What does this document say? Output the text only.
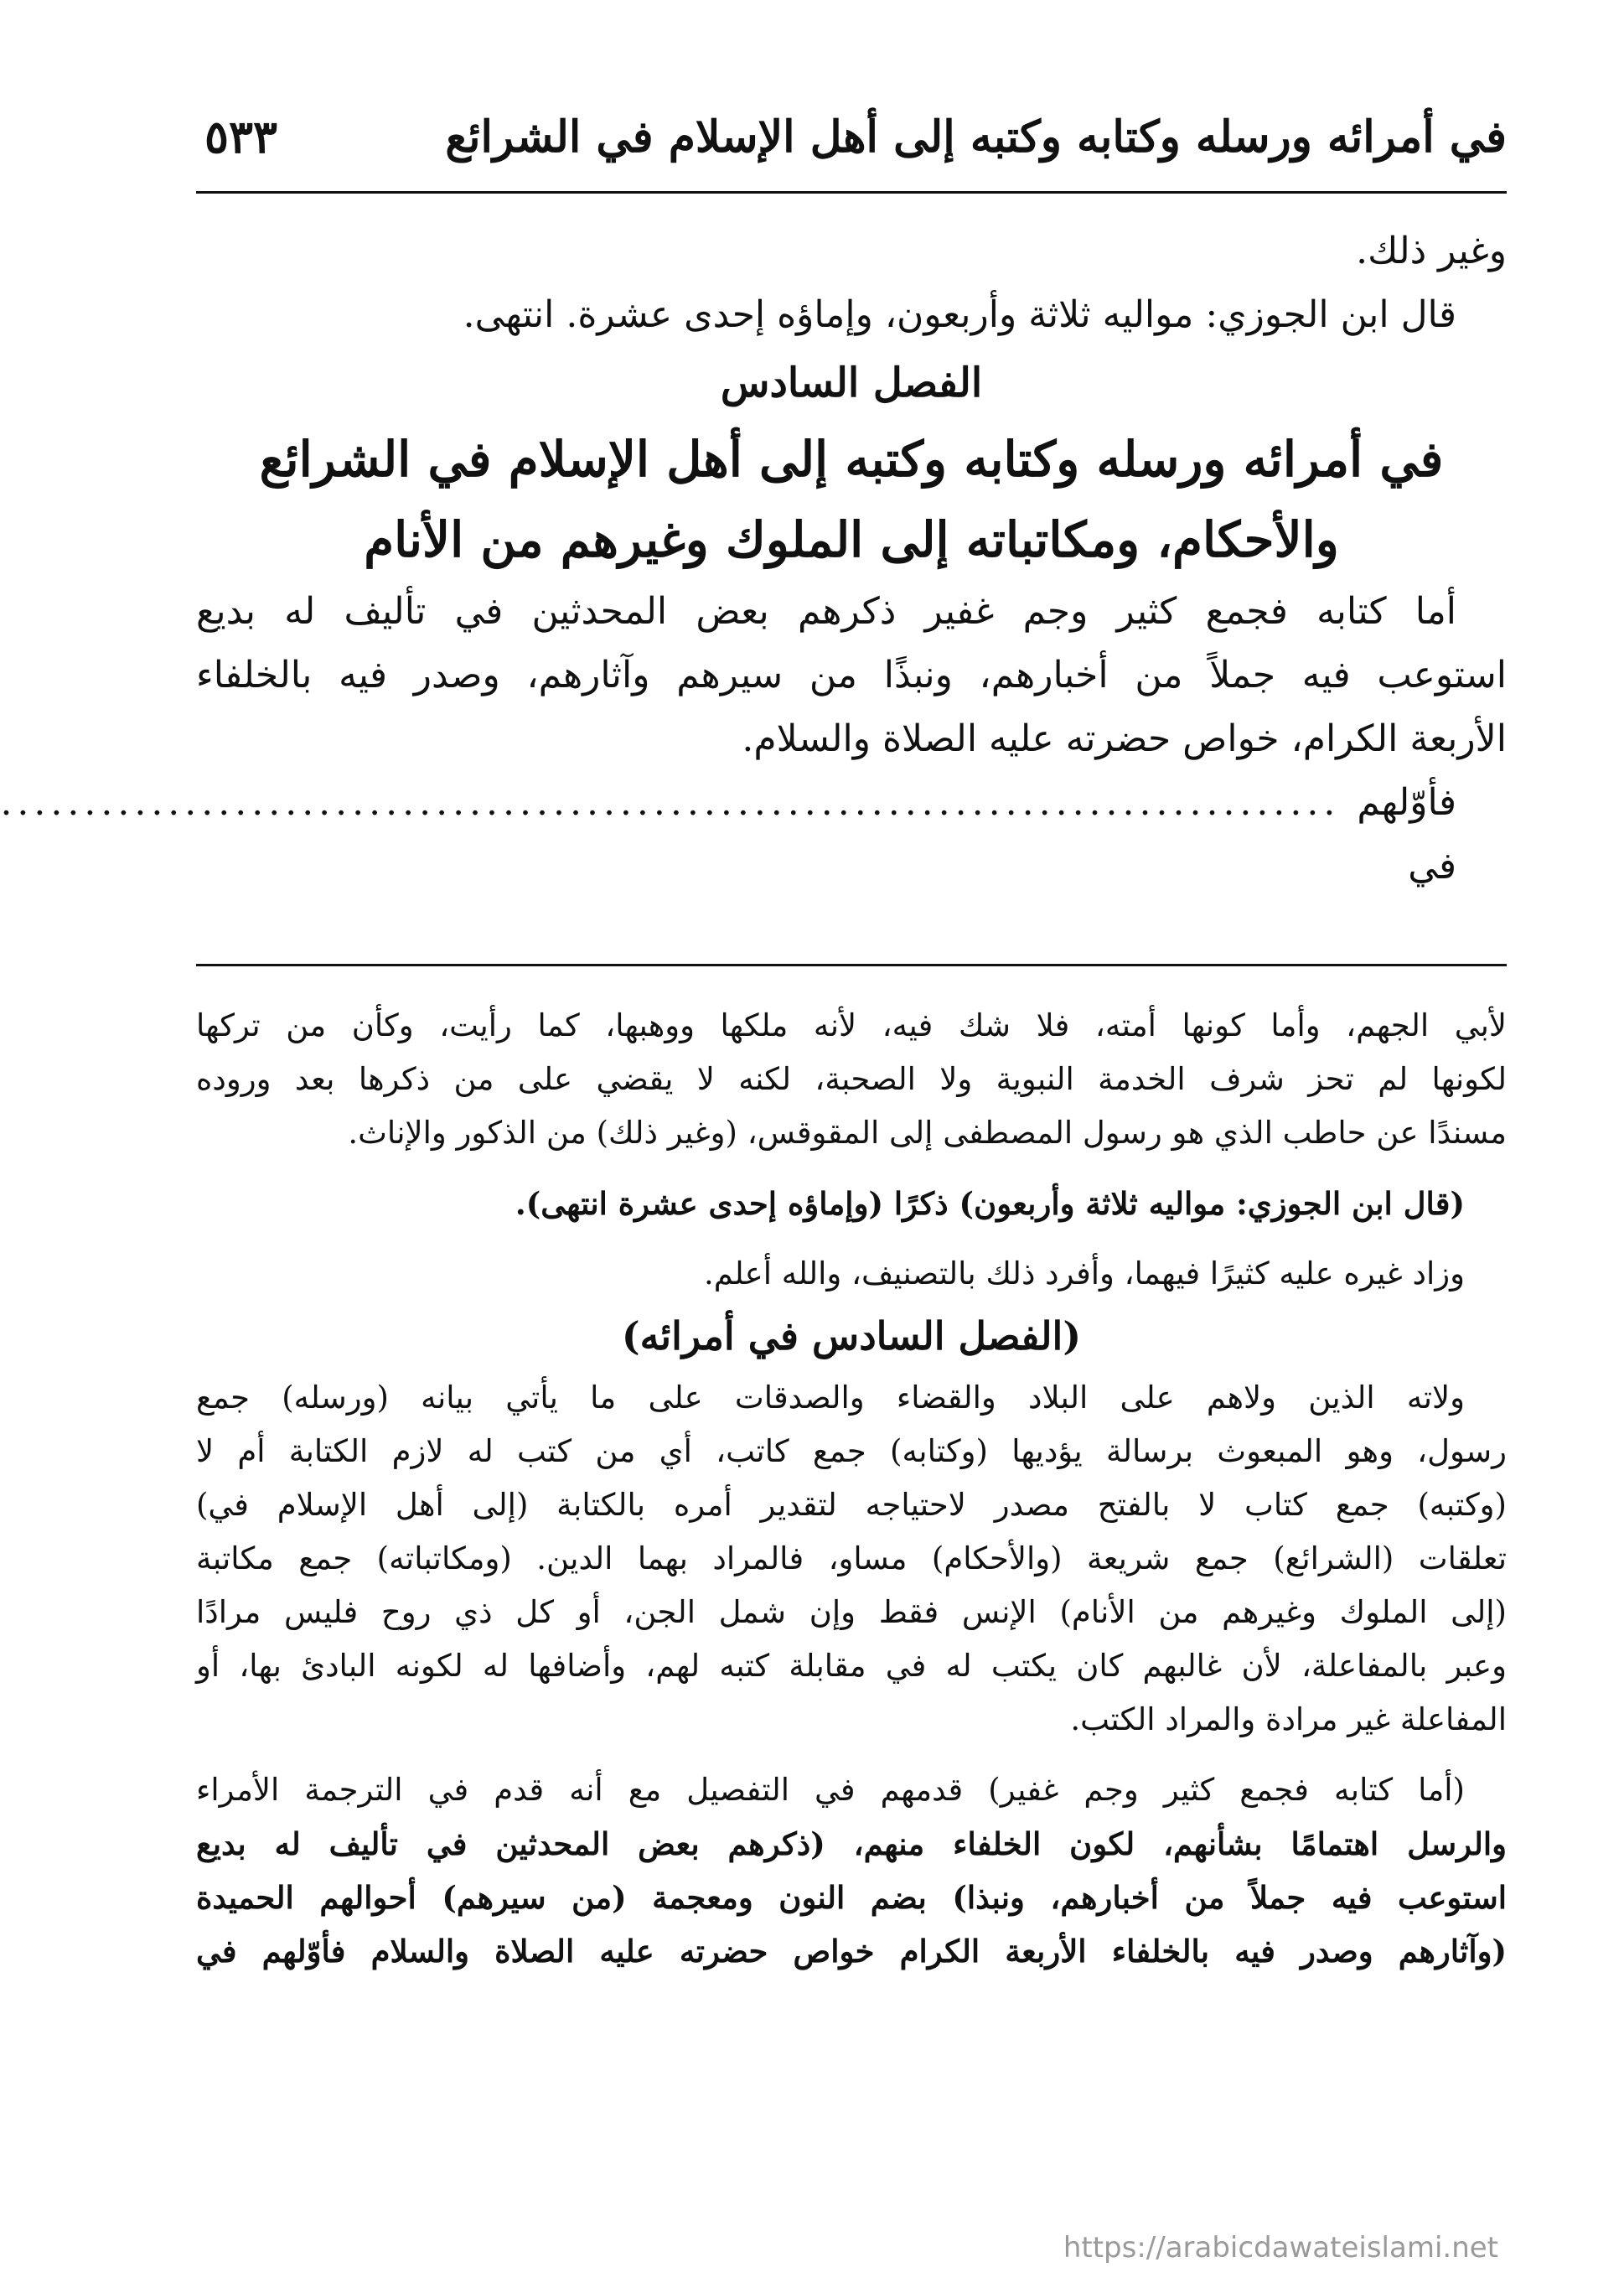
في أمرائه ورسله وكتابه وكتبه إلى أهل الإسلام في الشرائع
٥٣٣
وغير ذلك.
قال ابن الجوزي: مواليه ثلاثة وأربعون، وإماؤه إحدى عشرة. انتهى.
الفصل السادس
في أمرائه ورسله وكتابه وكتبه إلى أهل الإسلام في الشرائع
والأحكام، ومكاتباته إلى الملوك وغيرهم من الأنام
أما كتابه فجمع كثير وجم غفير ذكرهم بعض المحدثين في تأليف له بديع
استوعب فيه جملاً من أخبارهم، ونبذًا من سيرهم وآثارهم، وصدر فيه بالخلفاء
الأربعة الكرام، خواص حضرته عليه الصلاة والسلام.
فأوّلهم في
................................................................................
لأبي الجهم، وأما كونها أمته، فلا شك فيه، لأنه ملكها ووهبها، كما رأيت، وكأن من تركها
لكونها لم تحز شرف الخدمة النبوية ولا الصحبة، لكنه لا يقضي على من ذكرها بعد وروده
مسندًا عن حاطب الذي هو رسول المصطفى إلى المقوقس، (وغير ذلك) من الذكور والإناث.
(قال ابن الجوزي: مواليه ثلاثة وأربعون) ذكرًا (وإماؤه إحدى عشرة انتهى).
وزاد غيره عليه كثيرًا فيهما، وأفرد ذلك بالتصنيف، والله أعلم.
(الفصل السادس في أمرائه)
ولاته الذين ولاهم على البلاد والقضاء والصدقات على ما يأتي بيانه (ورسله) جمع
رسول، وهو المبعوث برسالة يؤديها (وكتابه) جمع كاتب، أي من كتب له لازم الكتابة أم لا
(وكتبه) جمع كتاب لا بالفتح مصدر لاحتياجه لتقدير أمره بالكتابة (إلى أهل الإسلام في)
تعلقات (الشرائع) جمع شريعة (والأحكام) مساو، فالمراد بهما الدين. (ومكاتباته) جمع مكاتبة
(إلى الملوك وغيرهم من الأنام) الإنس فقط وإن شمل الجن، أو كل ذي روح فليس مرادًا
وعبر بالمفاعلة، لأن غالبهم كان يكتب له في مقابلة كتبه لهم، وأضافها له لكونه البادئ بها، أو
المفاعلة غير مرادة والمراد الكتب.
(أما كتابه فجمع كثير وجم غفير) قدمهم في التفصيل مع أنه قدم في الترجمة الأمراء
والرسل اهتمامًا بشأنهم، لكون الخلفاء منهم، (ذكرهم بعض المحدثين في تأليف له بديع
استوعب فيه جملاً من أخبارهم، ونبذا) بضم النون ومعجمة (من سيرهم) أحوالهم الحميدة
(وآثارهم وصدر فيه بالخلفاء الأربعة الكرام خواص حضرته عليه الصلاة والسلام فأوّلهم في
https://arabicdawateislami.net
